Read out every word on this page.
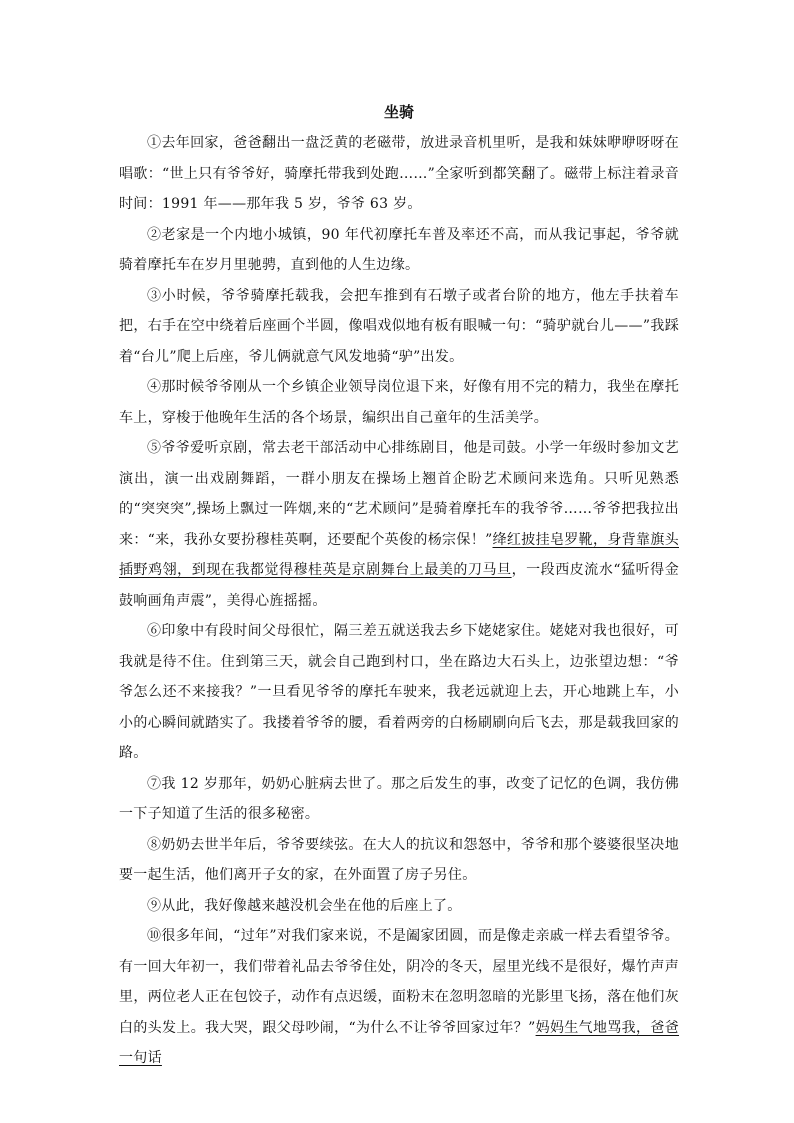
坐骑

①去年回家，爸爸翻出一盘泛黄的老磁带，放进录音机里听，是我和妹妹咿咿呀呀在唱歌：“世上只有爷爷好，骑摩托带我到处跑……”全家听到都笑翻了。磁带上标注着录音时间：1991 年——那年我 5 岁，爷爷 63 岁。

②老家是一个内地小城镇，90 年代初摩托车普及率还不高，而从我记事起，爷爷就骑着摩托车在岁月里驰骋，直到他的人生边缘。

③小时候，爷爷骑摩托载我，会把车推到有石墩子或者台阶的地方，他左手扶着车把，右手在空中绕着后座画个半圆，像唱戏似地有板有眼喊一句：“骑驴就台儿——”我踩着“台儿”爬上后座，爷儿俩就意气风发地骑“驴”出发。

④那时候爷爷刚从一个乡镇企业领导岗位退下来，好像有用不完的精力，我坐在摩托车上，穿梭于他晚年生活的各个场景，编织出自己童年的生活美学。

⑤爷爷爱听京剧，常去老干部活动中心排练剧目，他是司鼓。小学一年级时参加文艺演出，演一出戏剧舞蹈，一群小朋友在操场上翘首企盼艺术顾问来选角。只听见熟悉的“突突突”,操场上飘过一阵烟,来的“艺术顾问”是骑着摩托车的我爷爷……爷爷把我拉出来：“来，我孙女要扮穆桂英啊，还要配个英俊的杨宗保！”绛红披挂皂罗靴，身背靠旗头插野鸡翎，到现在我都觉得穆桂英是京剧舞台上最美的刀马旦，一段西皮流水“猛听得金鼓响画角声震”，美得心旌摇摇。

⑥印象中有段时间父母很忙，隔三差五就送我去乡下姥姥家住。姥姥对我也很好，可我就是待不住。住到第三天，就会自己跑到村口，坐在路边大石头上，边张望边想：“爷爷怎么还不来接我？”一旦看见爷爷的摩托车驶来，我老远就迎上去，开心地跳上车，小小的心瞬间就踏实了。我搂着爷爷的腰，看着两旁的白杨刷刷向后飞去，那是载我回家的路。

⑦我 12 岁那年，奶奶心脏病去世了。那之后发生的事，改变了记忆的色调，我仿佛一下子知道了生活的很多秘密。

⑧奶奶去世半年后，爷爷要续弦。在大人的抗议和怨怒中，爷爷和那个婆婆很坚决地要一起生活，他们离开子女的家，在外面置了房子另住。

⑨从此，我好像越来越没机会坐在他的后座上了。

⑩很多年间，“过年”对我们家来说，不是阖家团圆，而是像走亲戚一样去看望爷爷。有一回大年初一，我们带着礼品去爷爷住处，阴冷的冬天，屋里光线不是很好，爆竹声声里，两位老人正在包饺子，动作有点迟缓，面粉末在忽明忽暗的光影里飞扬，落在他们灰白的头发上。我大哭，跟父母吵闹，“为什么不让爷爷回家过年？”妈妈生气地骂我，爸爸一句话
